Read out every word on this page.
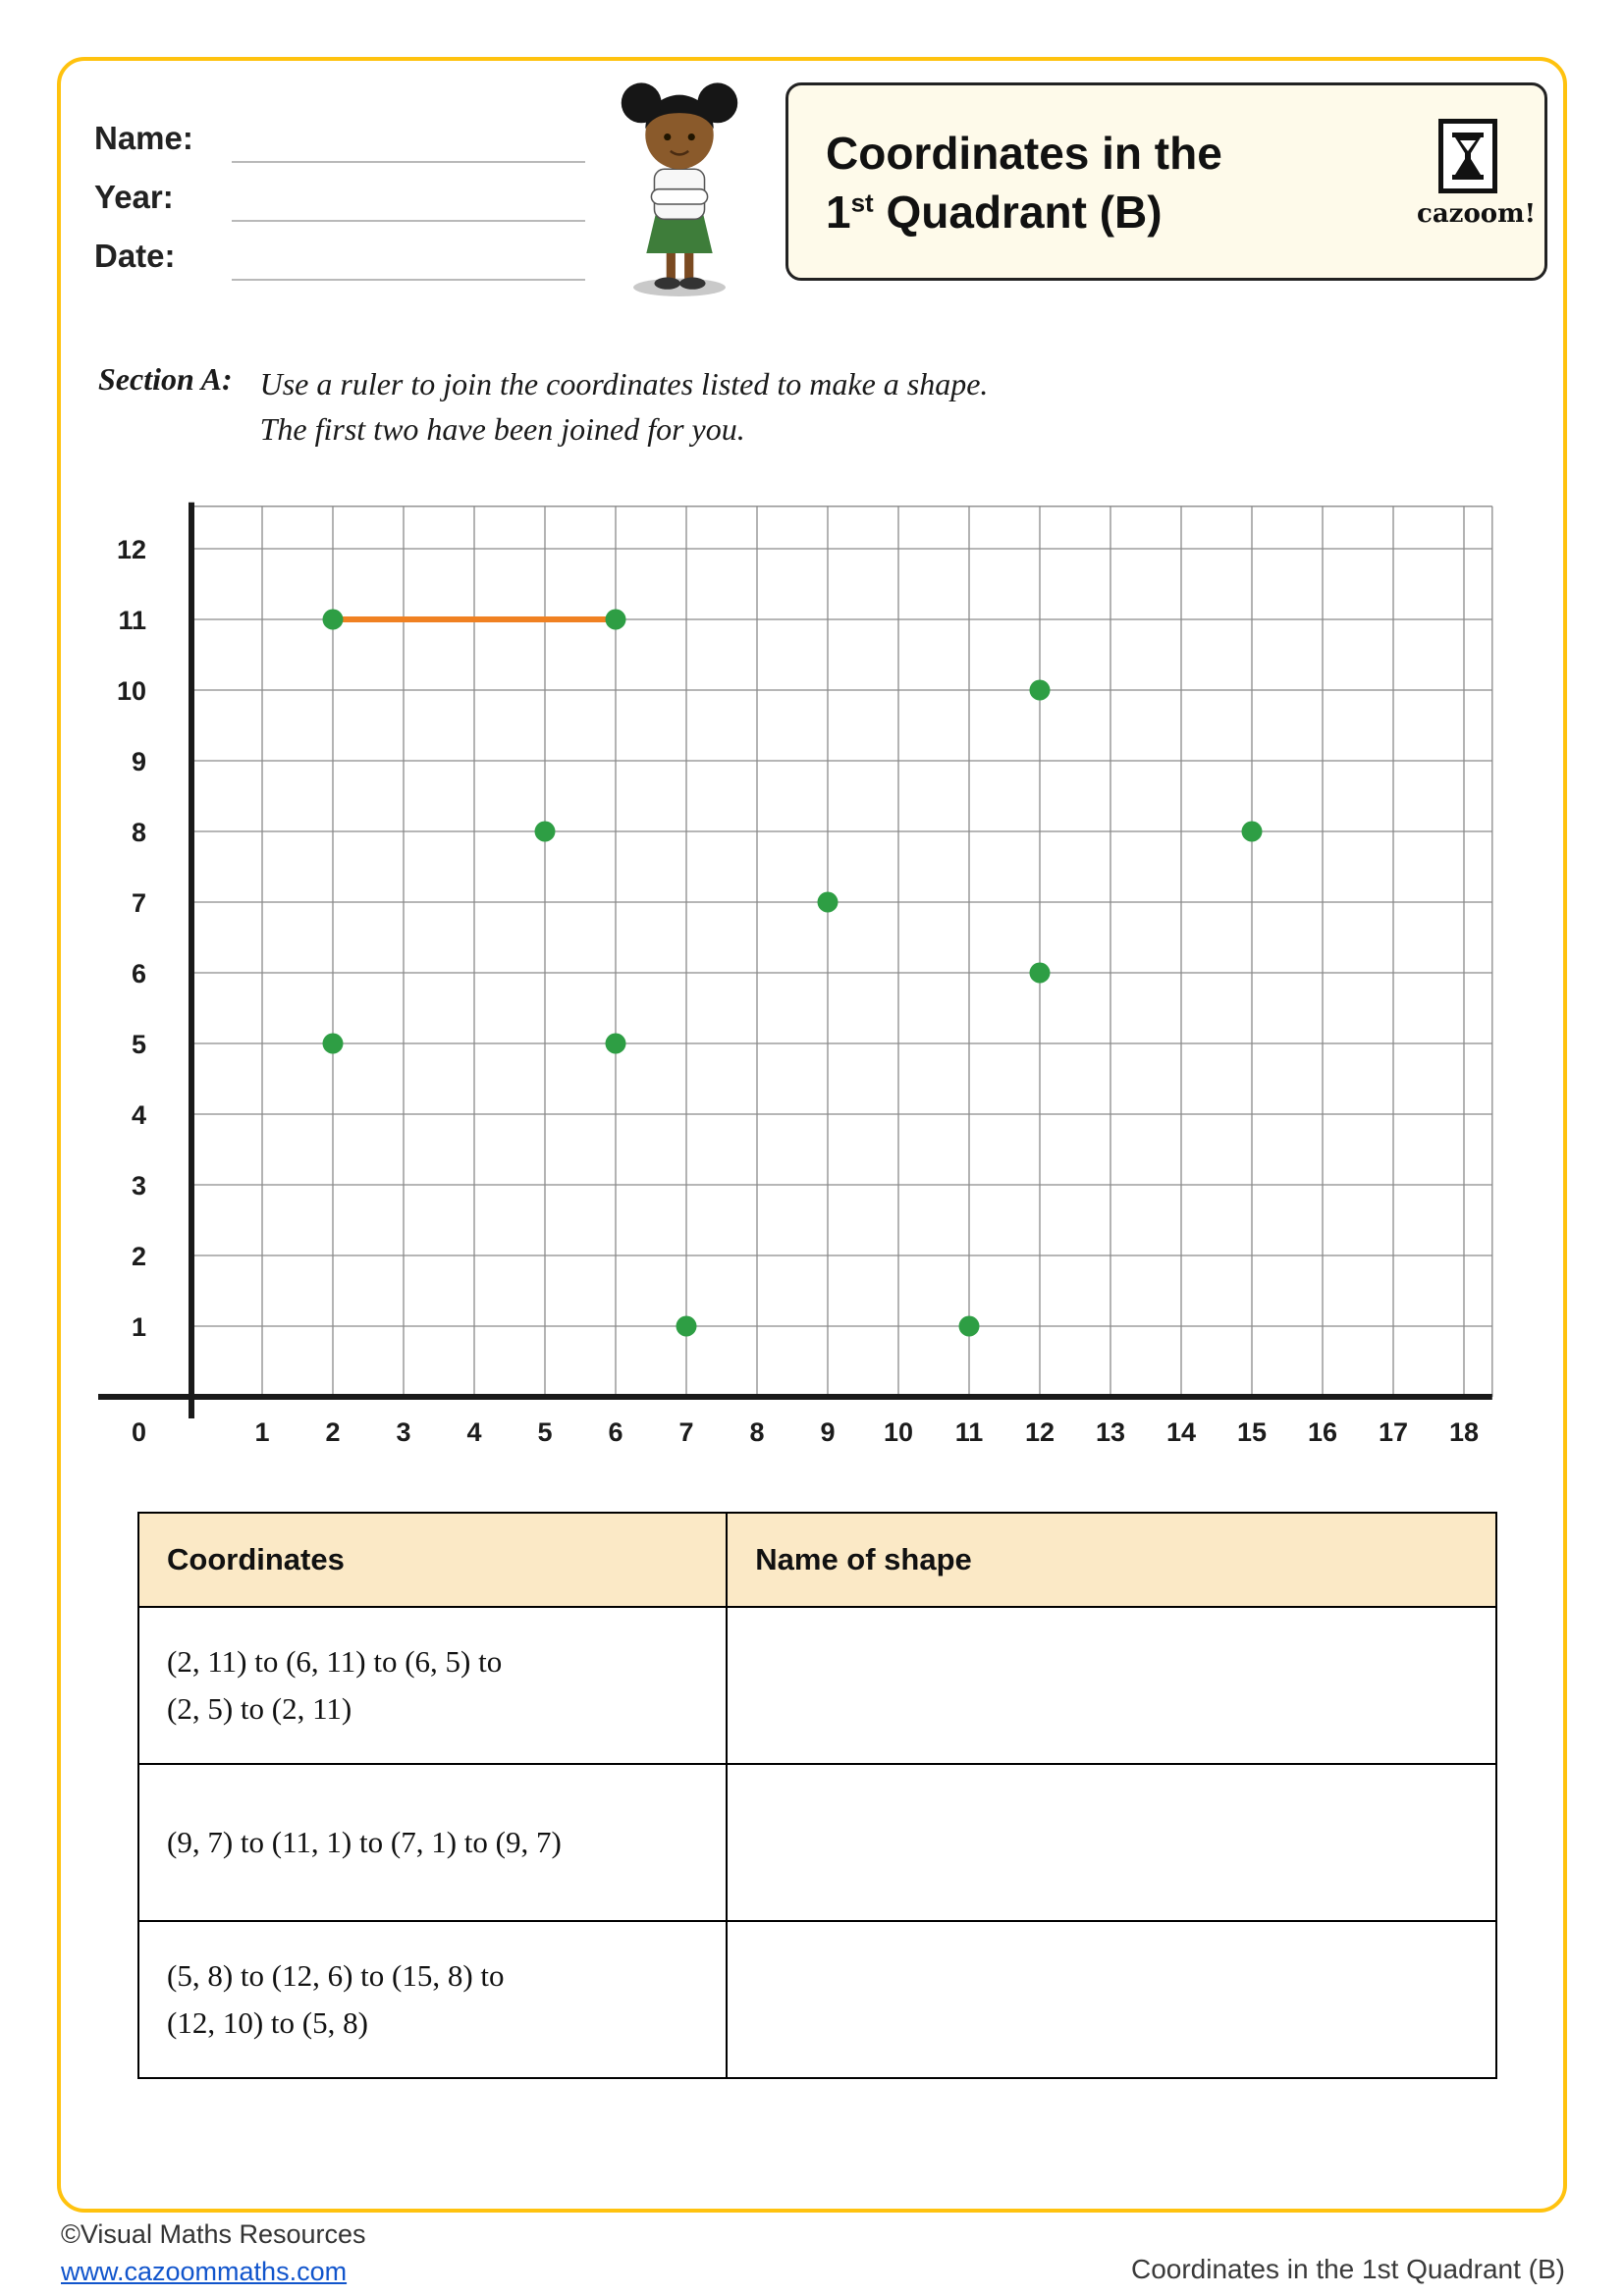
Name:
Year:
Date:
Coordinates in the
1st Quadrant (B)	cazoom!
Section A: Use a ruler to join the coordinates listed to make a shape.
The first two have been joined for you.
1 2 3 4 5 6 7 8 9 10 11 12 13 14 15 16 17 18
1
2
3
4
5
6
7
8
9
10
11
12
0
Coordinates	Name of shape

(2, 11) to (6, 11) to (6, 5) to
(2, 5) to (2, 11)	

(9, 7) to (11, 1) to (7, 1) to (9, 7)	

(5, 8) to (12, 6) to (15, 8) to
(12, 10) to (5, 8)	

©Visual Maths Resources
www.cazoommaths.com	Coordinates in the 1st Quadrant (B)
